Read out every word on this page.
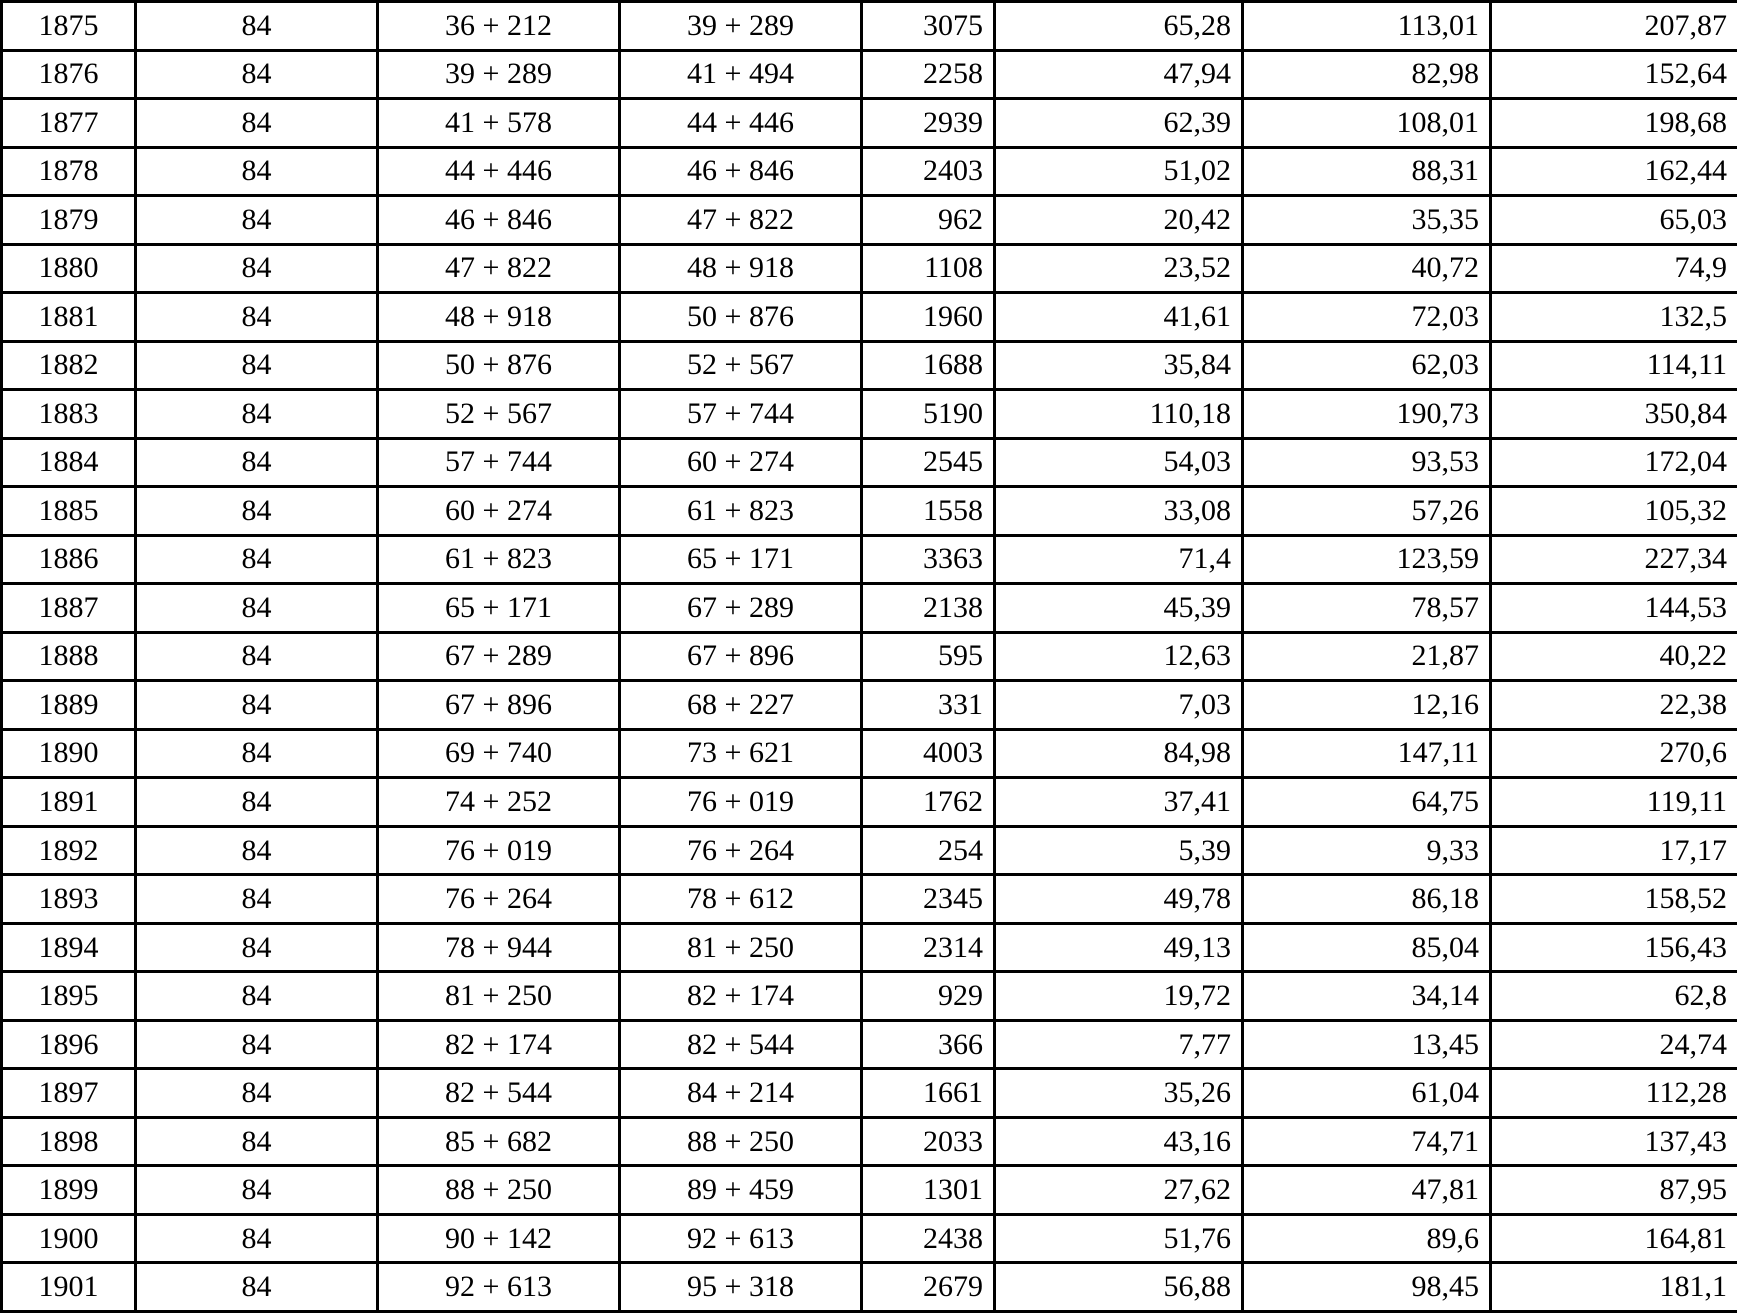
1875	84	36 + 212	39 + 289	3075	65,28	113,01	207,87
1876	84	39 + 289	41 + 494	2258	47,94	82,98	152,64
1877	84	41 + 578	44 + 446	2939	62,39	108,01	198,68
1878	84	44 + 446	46 + 846	2403	51,02	88,31	162,44
1879	84	46 + 846	47 + 822	962	20,42	35,35	65,03
1880	84	47 + 822	48 + 918	1108	23,52	40,72	74,9
1881	84	48 + 918	50 + 876	1960	41,61	72,03	132,5
1882	84	50 + 876	52 + 567	1688	35,84	62,03	114,11
1883	84	52 + 567	57 + 744	5190	110,18	190,73	350,84
1884	84	57 + 744	60 + 274	2545	54,03	93,53	172,04
1885	84	60 + 274	61 + 823	1558	33,08	57,26	105,32
1886	84	61 + 823	65 + 171	3363	71,4	123,59	227,34
1887	84	65 + 171	67 + 289	2138	45,39	78,57	144,53
1888	84	67 + 289	67 + 896	595	12,63	21,87	40,22
1889	84	67 + 896	68 + 227	331	7,03	12,16	22,38
1890	84	69 + 740	73 + 621	4003	84,98	147,11	270,6
1891	84	74 + 252	76 + 019	1762	37,41	64,75	119,11
1892	84	76 + 019	76 + 264	254	5,39	9,33	17,17
1893	84	76 + 264	78 + 612	2345	49,78	86,18	158,52
1894	84	78 + 944	81 + 250	2314	49,13	85,04	156,43
1895	84	81 + 250	82 + 174	929	19,72	34,14	62,8
1896	84	82 + 174	82 + 544	366	7,77	13,45	24,74
1897	84	82 + 544	84 + 214	1661	35,26	61,04	112,28
1898	84	85 + 682	88 + 250	2033	43,16	74,71	137,43
1899	84	88 + 250	89 + 459	1301	27,62	47,81	87,95
1900	84	90 + 142	92 + 613	2438	51,76	89,6	164,81
1901	84	92 + 613	95 + 318	2679	56,88	98,45	181,1
